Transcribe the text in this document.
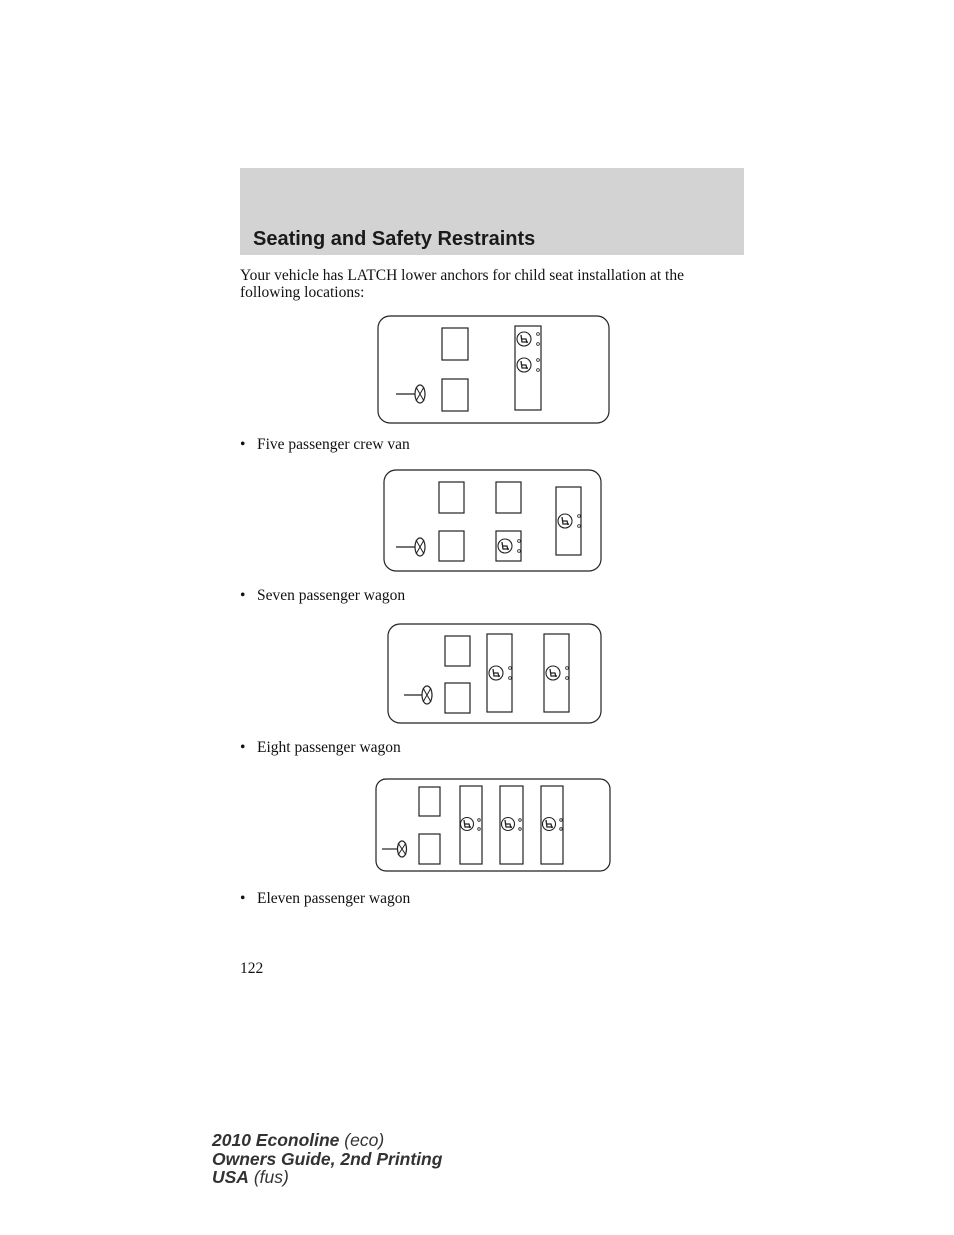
Seating and Safety Restraints

Your vehicle has LATCH lower anchors for child seat installation at the following locations:

• Five passenger crew van

• Seven passenger wagon

• Eight passenger wagon

• Eleven passenger wagon

122

2010 Econoline (eco)
Owners Guide, 2nd Printing
USA (fus)
